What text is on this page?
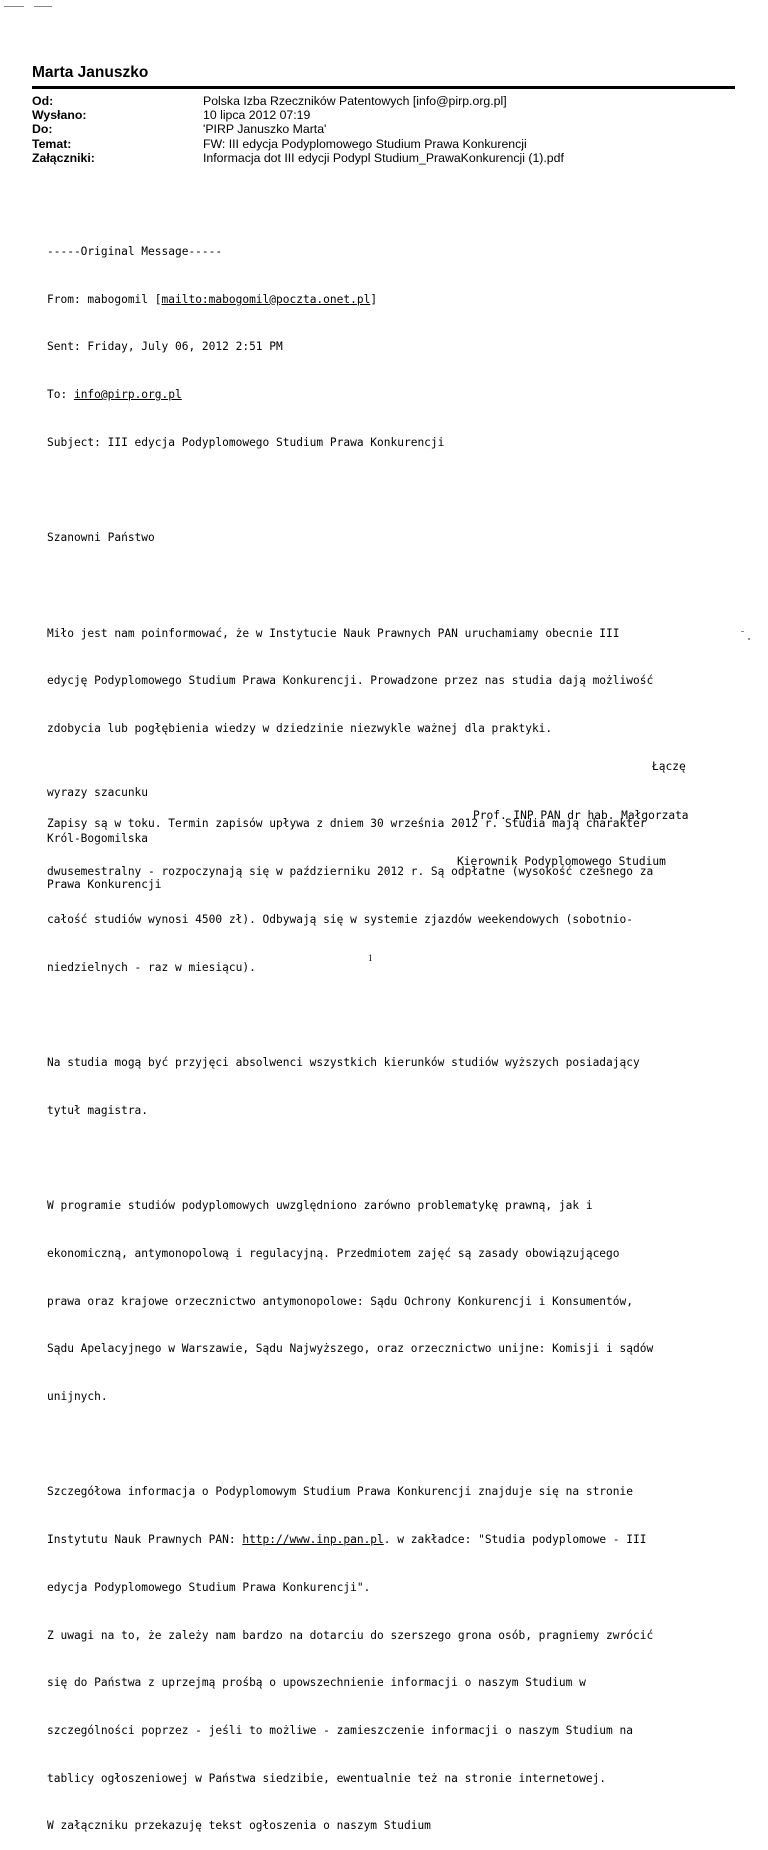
Marta Januszko
Od:	Polska Izba Rzeczników Patentowych [info@pirp.org.pl]
Wysłano:	10 lipca 2012 07:19
Do:	'PIRP Januszko Marta'
Temat:	FW: III edycja Podyplomowego Studium Prawa Konkurencji
Załączniki:	Informacja dot III edycji Podypl Studium_PrawaKonkurencji (1).pdf

-----Original Message-----

From: mabogomil [mailto:mabogomil@poczta.onet.pl]

Sent: Friday, July 06, 2012 2:51 PM

To: info@pirp.org.pl

Subject: III edycja Podyplomowego Studium Prawa Konkurencji

Szanowni Państwo

Miło jest nam poinformować, że w Instytucie Nauk Prawnych PAN uruchamiamy obecnie III

edycję Podyplomowego Studium Prawa Konkurencji. Prowadzone przez nas studia dają możliwość

zdobycia lub pogłębienia wiedzy w dziedzinie niezwykle ważnej dla praktyki.

Zapisy są w toku. Termin zapisów upływa z dniem 30 września 2012 r. Studia mają charakter

dwusemestralny - rozpoczynają się w październiku 2012 r. Są odpłatne (wysokość czesnego za

całość studiów wynosi 4500 zł). Odbywają się w systemie zjazdów weekendowych (sobotnio-

niedzielnych - raz w miesiącu).

Na studia mogą być przyjęci absolwenci wszystkich kierunków studiów wyższych posiadający

tytuł magistra.

W programie studiów podyplomowych uwzględniono zarówno problematykę prawną, jak i

ekonomiczną, antymonopolową i regulacyjną. Przedmiotem zajęć są zasady obowiązującego

prawa oraz krajowe orzecznictwo antymonopolowe: Sądu Ochrony Konkurencji i Konsumentów,

Sądu Apelacyjnego w Warszawie, Sądu Najwyższego, oraz orzecznictwo unijne: Komisji i sądów

unijnych.

Szczegółowa informacja o Podyplomowym Studium Prawa Konkurencji znajduje się na stronie

Instytutu Nauk Prawnych PAN: http://www.inp.pan.pl. w zakładce: "Studia podyplomowe - III

edycja Podyplomowego Studium Prawa Konkurencji".

Z uwagi na to, że zależy nam bardzo na dotarciu do szerszego grona osób, pragniemy zwrócić

się do Państwa z uprzejmą prośbą o upowszechnienie informacji o naszym Studium w

szczególności poprzez - jeśli to możliwe - zamieszczenie informacji o naszym Studium na

tablicy ogłoszeniowej w Państwa siedzibie, ewentualnie też na stronie internetowej.

W załączniku przekazuję tekst ogłoszenia o naszym Studium

Łączę
wyrazy szacunku
Prof. INP PAN dr hab. Małgorzata
Król-Bogomilska
Kierownik Podyplomowego Studium
Prawa Konkurencji
1
